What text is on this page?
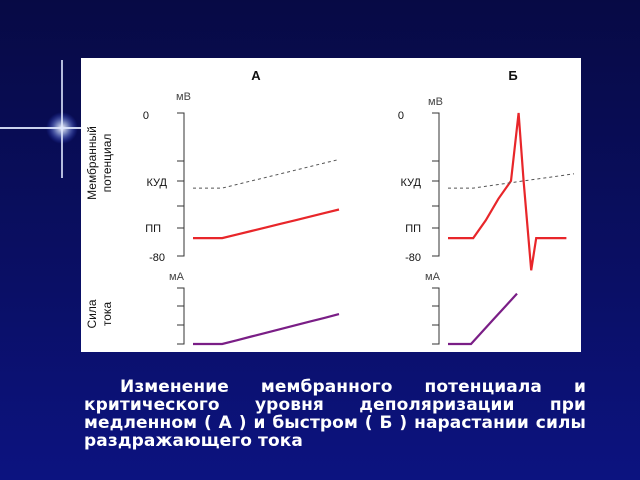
А	Б
Мембранный потенциал
Сила тока
мВ
мА
мВ
мА
0
КУД
ПП
-80
0
КУД
ПП
-80
Изменение мембранного потенциала и критического уровня деполяризации при медленном ( А ) и быстром ( Б ) нарастании силы раздражающего тока
